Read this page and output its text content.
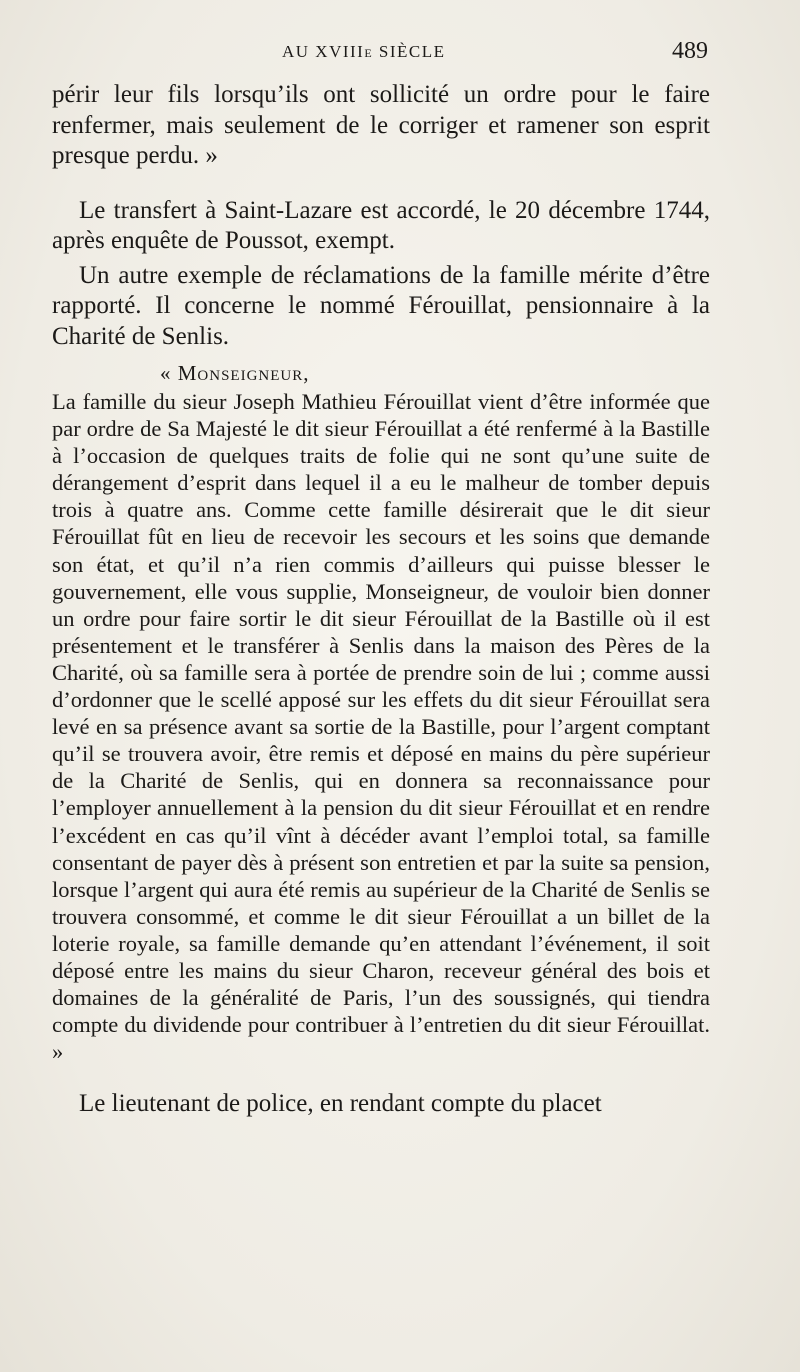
AU XVIIIe SIÈCLE	489

périr leur fils lorsqu’ils ont sollicité un ordre pour le faire renfermer, mais seulement de le corriger et ramener son esprit presque perdu. »

Le transfert à Saint-Lazare est accordé, le 20 décembre 1744, après enquête de Poussot, exempt.

Un autre exemple de réclamations de la famille mérite d’être rapporté. Il concerne le nommé Férouillat, pensionnaire à la Charité de Senlis.

« Monseigneur,

La famille du sieur Joseph Mathieu Férouillat vient d’être informée que par ordre de Sa Majesté le dit sieur Férouillat a été renfermé à la Bastille à l’occasion de quelques traits de folie qui ne sont qu’une suite de dérangement d’esprit dans lequel il a eu le malheur de tomber depuis trois à quatre ans. Comme cette famille désirerait que le dit sieur Férouillat fût en lieu de recevoir les secours et les soins que demande son état, et qu’il n’a rien commis d’ailleurs qui puisse blesser le gouvernement, elle vous supplie, Monseigneur, de vouloir bien donner un ordre pour faire sortir le dit sieur Férouillat de la Bastille où il est présentement et le transférer à Senlis dans la maison des Pères de la Charité, où sa famille sera à portée de prendre soin de lui ; comme aussi d’ordonner que le scellé apposé sur les effets du dit sieur Férouillat sera levé en sa présence avant sa sortie de la Bastille, pour l’argent comptant qu’il se trouvera avoir, être remis et déposé en mains du père supérieur de la Charité de Senlis, qui en donnera sa reconnaissance pour l’employer annuellement à la pension du dit sieur Férouillat et en rendre l’excédent en cas qu’il vînt à décéder avant l’emploi total, sa famille consentant de payer dès à présent son entretien et par la suite sa pension, lorsque l’argent qui aura été remis au supérieur de la Charité de Senlis se trouvera consommé, et comme le dit sieur Férouillat a un billet de la loterie royale, sa famille demande qu’en attendant l’événement, il soit déposé entre les mains du sieur Charon, receveur général des bois et domaines de la généralité de Paris, l’un des soussignés, qui tiendra compte du dividende pour contribuer à l’entretien du dit sieur Férouillat. »

Le lieutenant de police, en rendant compte du placet
